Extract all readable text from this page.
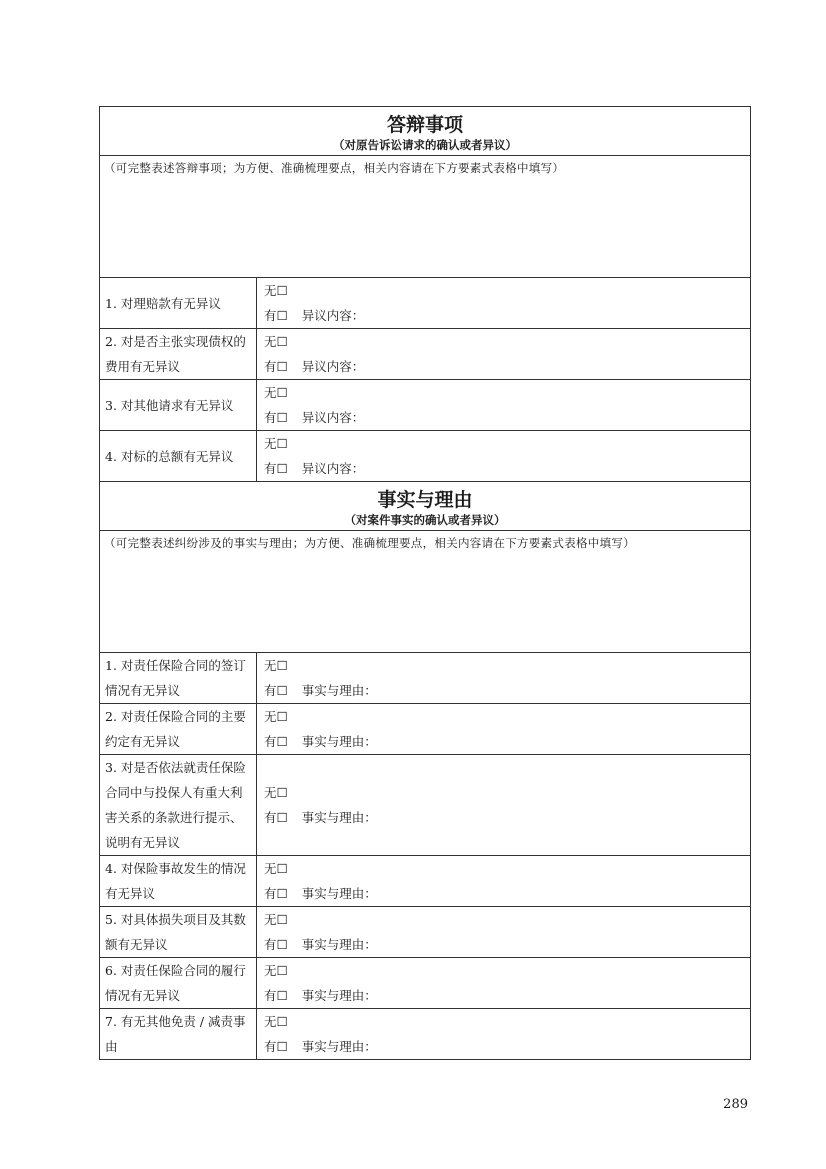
答辩事项
（对原告诉讼请求的确认或者异议）	

（可完整表述答辩事项；为方便、准确梳理要点，相关内容请在下方要素式表格中填写）	
1. 对理赔款有无异议	无☐
有☐ 异议内容：

2. 对是否主张实现债权的费用有无异议	无☐
有☐ 异议内容：

3. 对其他请求有无异议	无☐
有☐ 异议内容：

4. 对标的总额有无异议	无☐
有☐ 异议内容：

事实与理由
（对案件事实的确认或者异议）	

（可完整表述纠纷涉及的事实与理由；为方便、准确梳理要点，相关内容请在下方要素式表格中填写）	
1. 对责任保险合同的签订情况有无异议	无☐
有☐ 事实与理由：

2. 对责任保险合同的主要约定有无异议	无☐
有☐ 事实与理由：

3. 对是否依法就责任保险合同中与投保人有重大利害关系的条款进行提示、说明有无异议	无☐
有☐ 事实与理由：

4. 对保险事故发生的情况有无异议	无☐
有☐ 事实与理由：

5. 对具体损失项目及其数额有无异议	无☐
有☐ 事实与理由：

6. 对责任保险合同的履行情况有无异议	无☐
有☐ 事实与理由：

7. 有无其他免责 / 减责事由	无☐
有☐ 事实与理由：
289
